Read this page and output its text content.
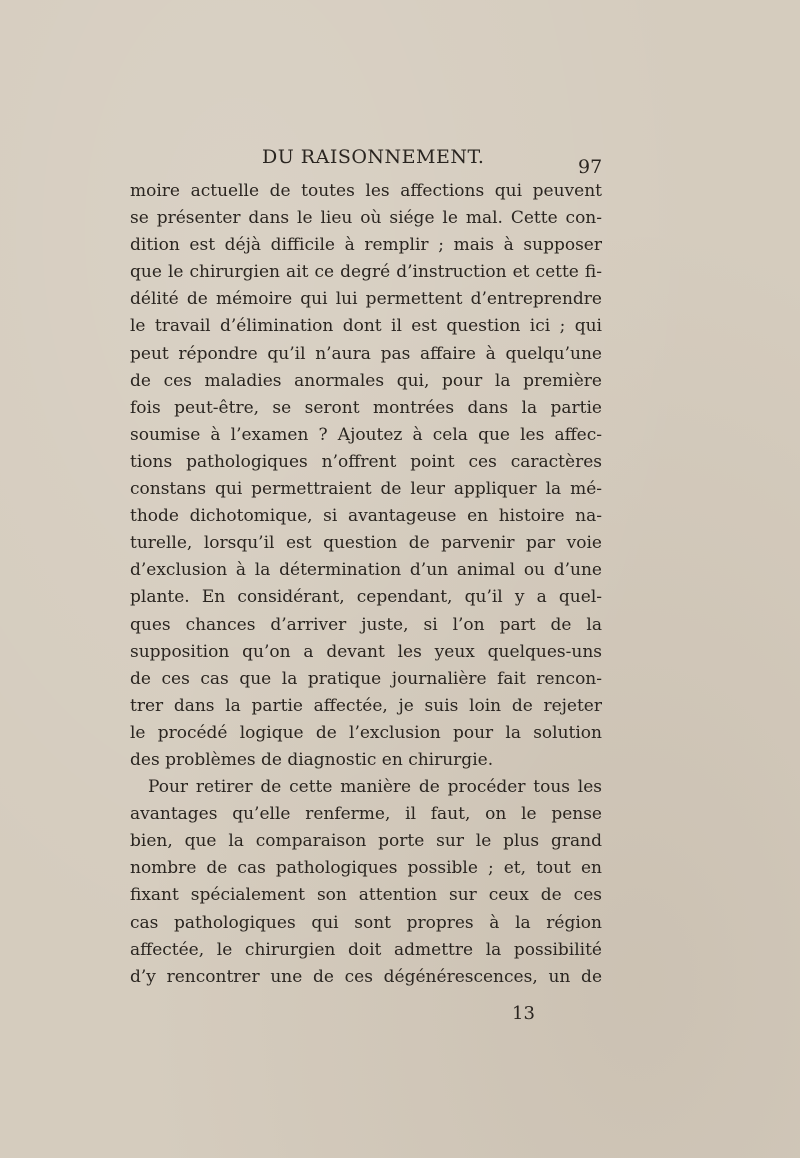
DU RAISONNEMENT.	97
moire actuelle de toutes les affections qui peuvent
se présenter dans le lieu où siége le mal. Cette con-
dition est déjà difficile à remplir ; mais à supposer
que le chirurgien ait ce degré d’instruction et cette fi-
délité de mémoire qui lui permettent d’entreprendre
le travail d’élimination dont il est question ici ; qui
peut répondre qu’il n’aura pas affaire à quelqu’une
de ces maladies anormales qui, pour la première
fois peut-être, se seront montrées dans la partie
soumise à l’examen ? Ajoutez à cela que les affec-
tions pathologiques n’offrent point ces caractères
constans qui permettraient de leur appliquer la mé-
thode dichotomique, si avantageuse en histoire na-
turelle, lorsqu’il est question de parvenir par voie
d’exclusion à la détermination d’un animal ou d’une
plante. En considérant, cependant, qu’il y a quel-
ques chances d’arriver juste, si l’on part de la
supposition qu’on a devant les yeux quelques-uns
de ces cas que la pratique journalière fait rencon-
trer dans la partie affectée, je suis loin de rejeter
le procédé logique de l’exclusion pour la solution
des problèmes de diagnostic en chirurgie.
Pour retirer de cette manière de procéder tous les
avantages qu’elle renferme, il faut, on le pense
bien, que la comparaison porte sur le plus grand
nombre de cas pathologiques possible ; et, tout en
fixant spécialement son attention sur ceux de ces
cas pathologiques qui sont propres à la région
affectée, le chirurgien doit admettre la possibilité
d’y rencontrer une de ces dégénérescences, un de
13
